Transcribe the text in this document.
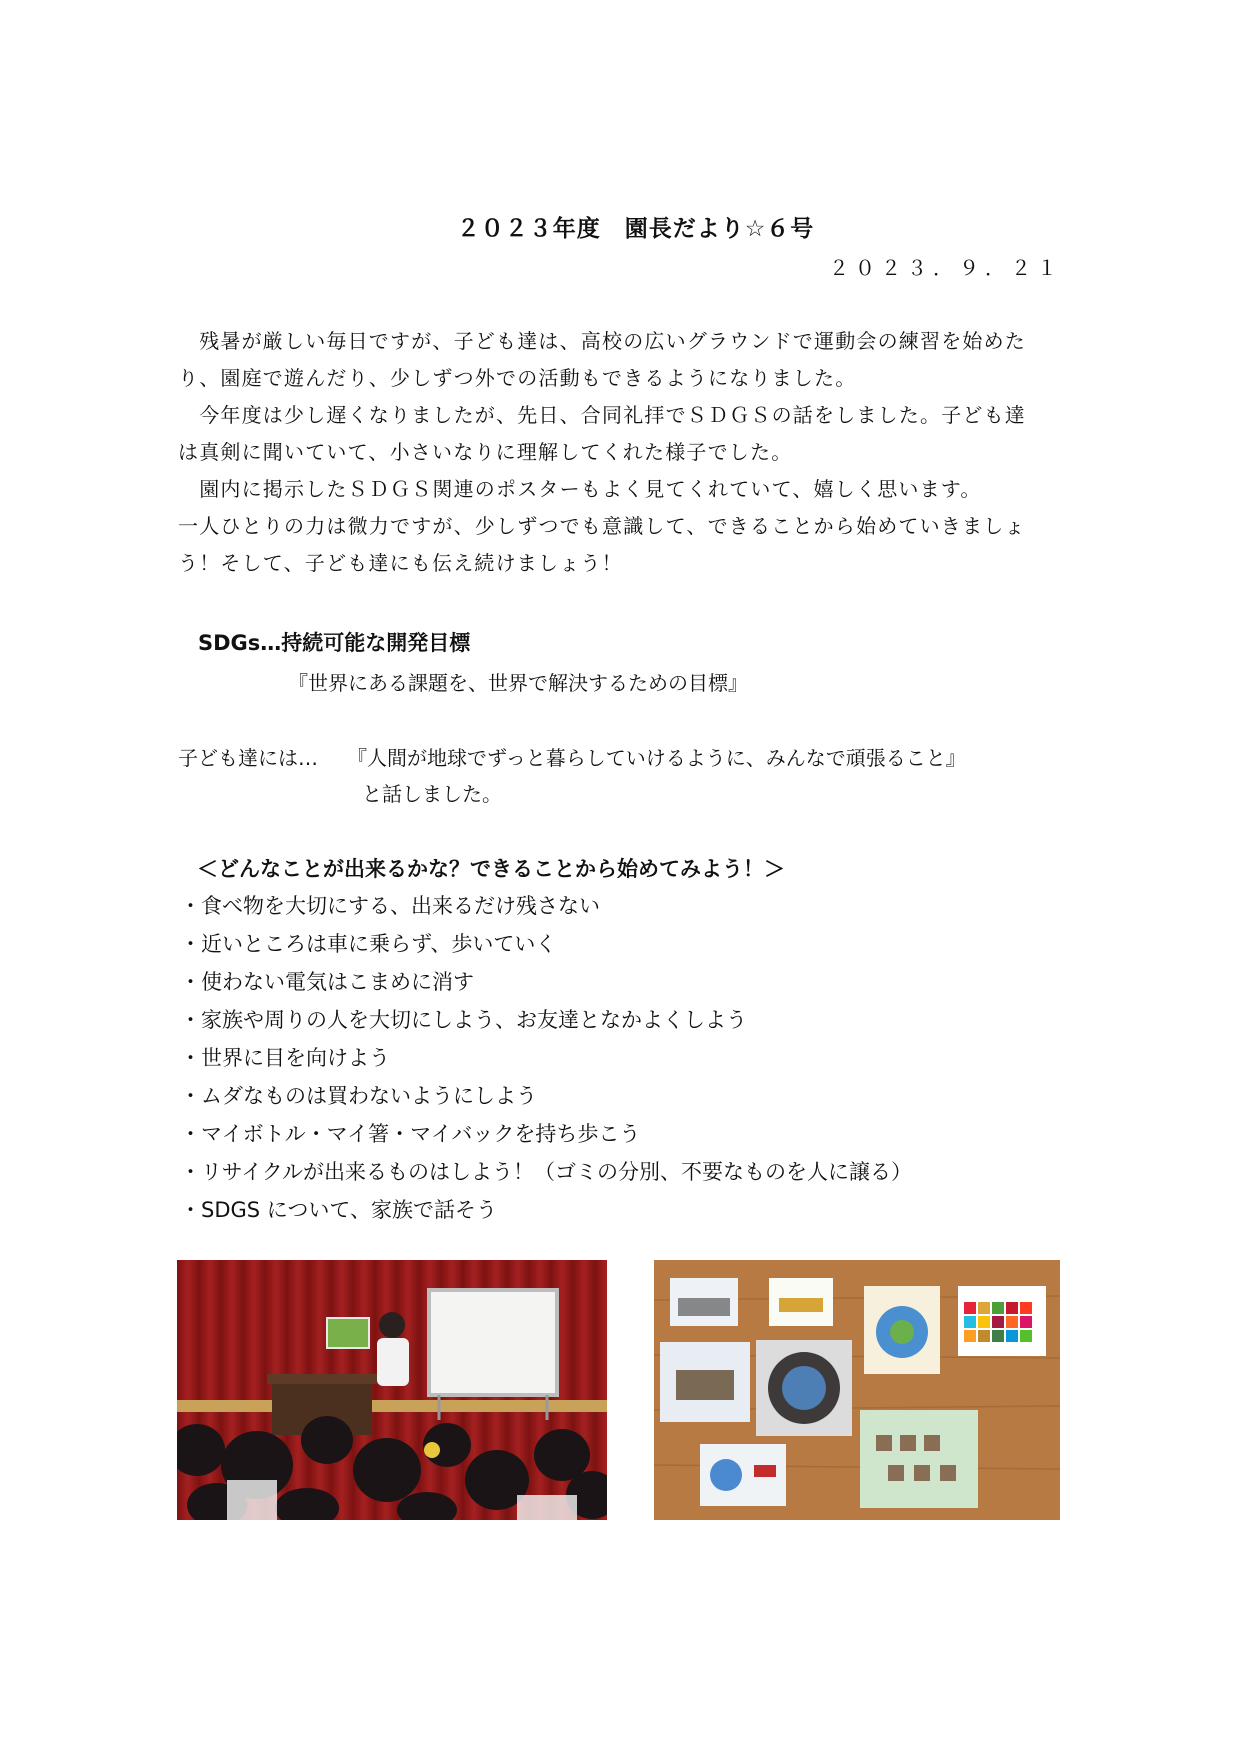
２０２３年度　園長だより☆６号
２０２３．９．２１
　残暑が厳しい毎日ですが、子ども達は、高校の広いグラウンドで運動会の練習を始めた
り、園庭で遊んだり、少しずつ外での活動もできるようになりました。
　今年度は少し遅くなりましたが、先日、合同礼拝でＳＤＧＳの話をしました。子ども達
は真剣に聞いていて、小さいなりに理解してくれた様子でした。
　園内に掲示したＳＤＧＳ関連のポスターもよく見てくれていて、嬉しく思います。
一人ひとりの力は微力ですが、少しずつでも意識して、できることから始めていきましょ
う！そして、子ども達にも伝え続けましょう！
SDGs…持続可能な開発目標
『世界にある課題を、世界で解決するための目標』
子ども達には… 『人間が地球でずっと暮らしていけるように、みんなで頑張ること』
と話しました。
＜どんなことが出来るかな？できることから始めてみよう！＞
・食べ物を大切にする、出来るだけ残さない
・近いところは車に乗らず、歩いていく
・使わない電気はこまめに消す
・家族や周りの人を大切にしよう、お友達となかよくしよう
・世界に目を向けよう
・ムダなものは買わないようにしよう
・マイボトル・マイ箸・マイバックを持ち歩こう
・リサイクルが出来るものはしよう！（ゴミの分別、不要なものを人に譲る）
・SDGS について、家族で話そう
